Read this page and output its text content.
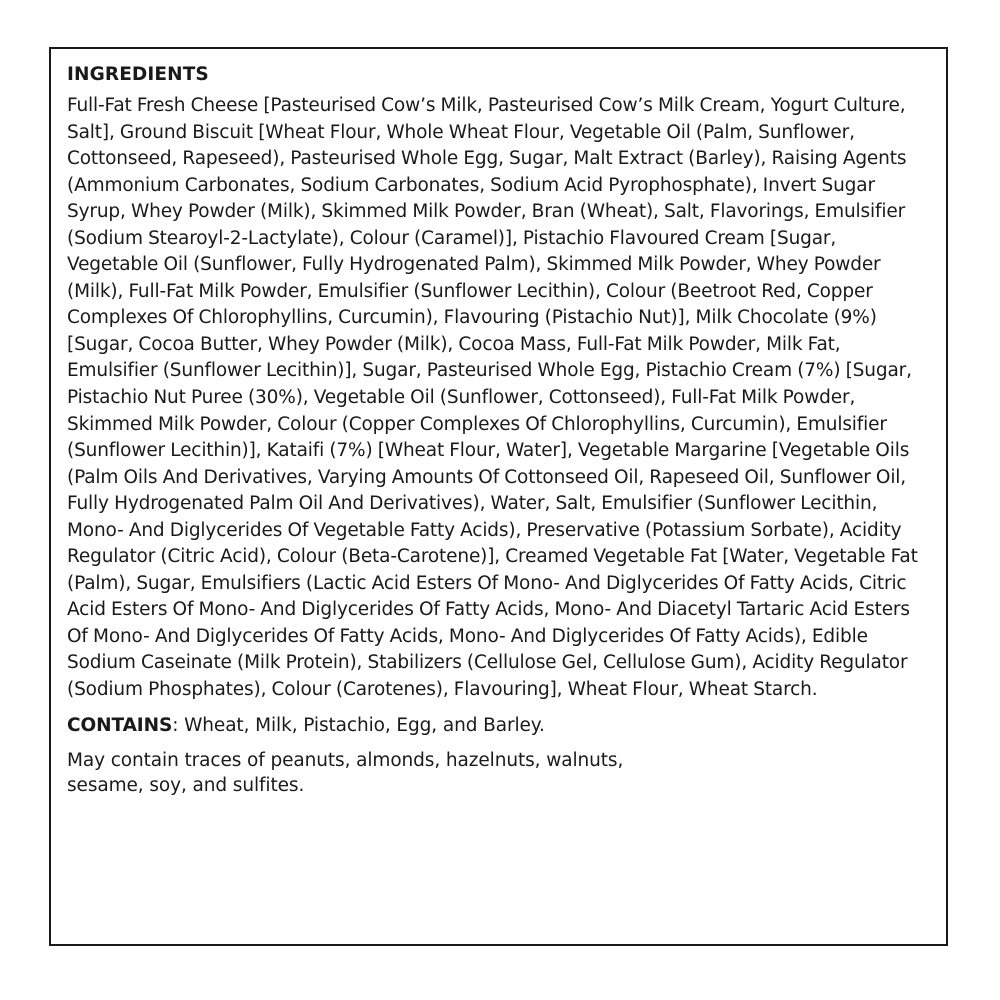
INGREDIENTS

Full-Fat Fresh Cheese [Pasteurised Cow’s Milk, Pasteurised Cow’s Milk Cream, Yogurt Culture, Salt], Ground Biscuit [Wheat Flour, Whole Wheat Flour, Vegetable Oil (Palm, Sunflower, Cottonseed, Rapeseed), Pasteurised Whole Egg, Sugar, Malt Extract (Barley), Raising Agents (Ammonium Carbonates, Sodium Carbonates, Sodium Acid Pyrophosphate), Invert Sugar Syrup, Whey Powder (Milk), Skimmed Milk Powder, Bran (Wheat), Salt, Flavorings, Emulsifier (Sodium Stearoyl-2-Lactylate), Colour (Caramel)], Pistachio Flavoured Cream [Sugar, Vegetable Oil (Sunflower, Fully Hydrogenated Palm), Skimmed Milk Powder, Whey Powder (Milk), Full-Fat Milk Powder, Emulsifier (Sunflower Lecithin), Colour (Beetroot Red, Copper Complexes Of Chlorophyllins, Curcumin), Flavouring (Pistachio Nut)], Milk Chocolate (9%) [Sugar, Cocoa Butter, Whey Powder (Milk), Cocoa Mass, Full-Fat Milk Powder, Milk Fat, Emulsifier (Sunflower Lecithin)], Sugar, Pasteurised Whole Egg, Pistachio Cream (7%) [Sugar, Pistachio Nut Puree (30%), Vegetable Oil (Sunflower, Cottonseed), Full-Fat Milk Powder, Skimmed Milk Powder, Colour (Copper Complexes Of Chlorophyllins, Curcumin), Emulsifier (Sunflower Lecithin)], Kataifi (7%) [Wheat Flour, Water], Vegetable Margarine [Vegetable Oils (Palm Oils And Derivatives, Varying Amounts Of Cottonseed Oil, Rapeseed Oil, Sunflower Oil, Fully Hydrogenated Palm Oil And Derivatives), Water, Salt, Emulsifier (Sunflower Lecithin, Mono- And Diglycerides Of Vegetable Fatty Acids), Preservative (Potassium Sorbate), Acidity Regulator (Citric Acid), Colour (Beta-Carotene)], Creamed Vegetable Fat [Water, Vegetable Fat (Palm), Sugar, Emulsifiers (Lactic Acid Esters Of Mono- And Diglycerides Of Fatty Acids, Citric Acid Esters Of Mono- And Diglycerides Of Fatty Acids, Mono- And Diacetyl Tartaric Acid Esters Of Mono- And Diglycerides Of Fatty Acids, Mono- And Diglycerides Of Fatty Acids), Edible Sodium Caseinate (Milk Protein), Stabilizers (Cellulose Gel, Cellulose Gum), Acidity Regulator (Sodium Phosphates), Colour (Carotenes), Flavouring], Wheat Flour, Wheat Starch.

CONTAINS: Wheat, Milk, Pistachio, Egg, and Barley.

May contain traces of peanuts, almonds, hazelnuts, walnuts, sesame, soy, and sulfites.
